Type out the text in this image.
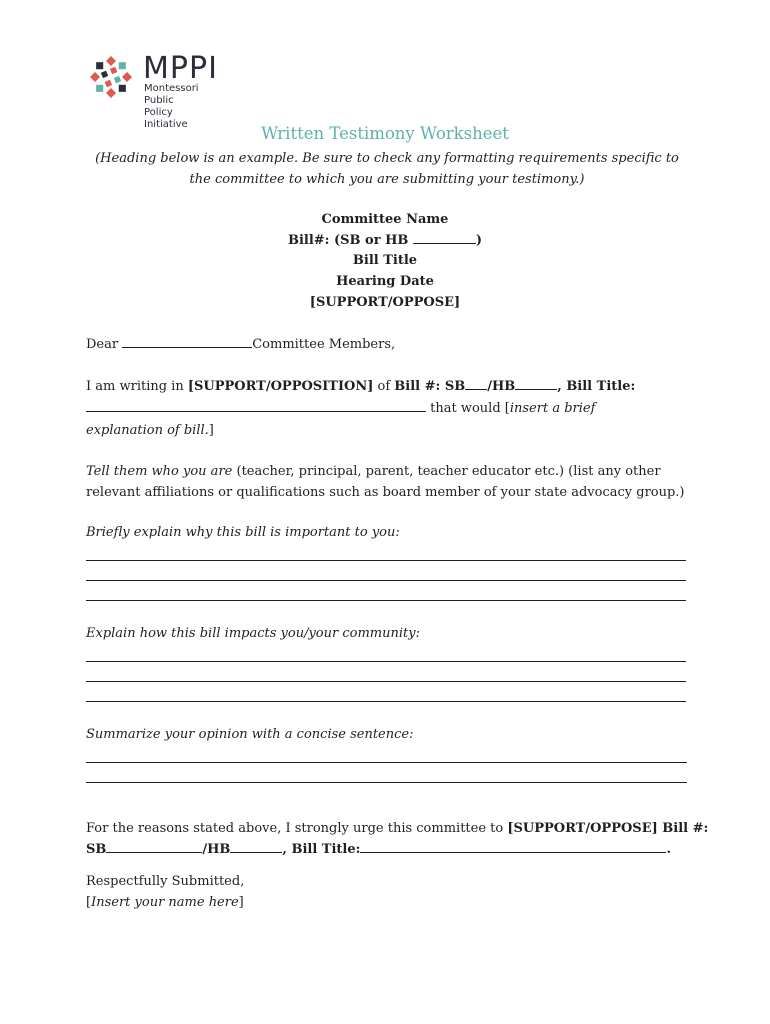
MPPI
Montessori Public
Policy Initiative	Written Testimony Worksheet
(Heading below is an example. Be sure to check any formatting requirements specific to the committee to which you are submitting your testimony.)
Committee Name
Bill#: (SB or HB	)
Bill Title
Hearing Date
[SUPPORT/OPPOSE]
Dear	Committee Members,
I am writing in [SUPPORT/OPPOSITION] of Bill #: SB /HB	, Bill Title:
that would [insert a brief
explanation of bill.]
Tell them who you are (teacher, principal, parent, teacher educator etc.) (list any other relevant affiliations or qualifications such as board member of your state advocacy group.)
Briefly explain why this bill is important to you:
Explain how this bill impacts you/your community:
Summarize your opinion with a concise sentence:
For the reasons stated above, I strongly urge this committee to [SUPPORT/OPPOSE] Bill #:
SB	/HB	, Bill Title:	.
Respectfully Submitted,
[Insert your name here]
